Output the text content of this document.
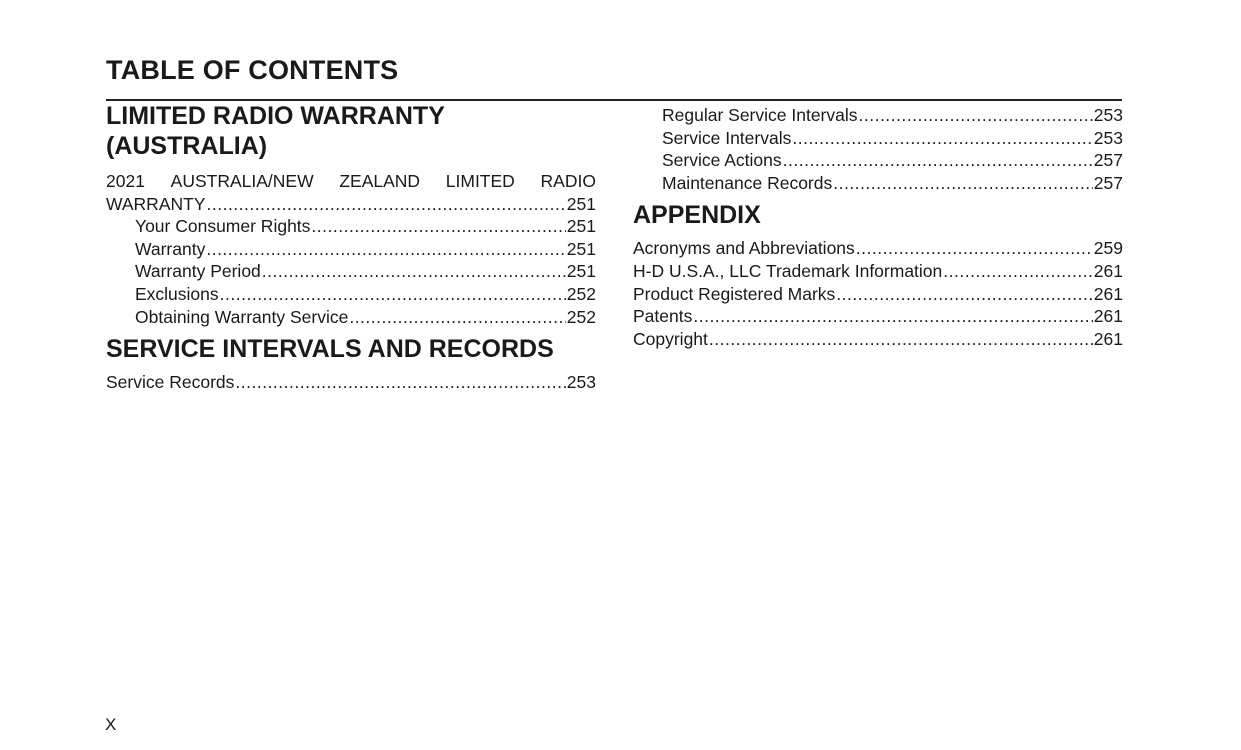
TABLE OF CONTENTS
LIMITED RADIO WARRANTY (AUSTRALIA)
2021 AUSTRALIA/NEW ZEALAND LIMITED RADIO
WARRANTY .....	251
Your Consumer Rights .....	251
Warranty .....	251
Warranty Period .....	251
Exclusions .....	252
Obtaining Warranty Service .....	252
SERVICE INTERVALS AND RECORDS
Service Records .....	253
Regular Service Intervals .....	253
Service Intervals .....	253
Service Actions .....	257
Maintenance Records .....	257
APPENDIX
Acronyms and Abbreviations .....	259
H-D U.S.A., LLC Trademark Information .....	261
Product Registered Marks .....	261
Patents .....	261
Copyright .....	261
X
